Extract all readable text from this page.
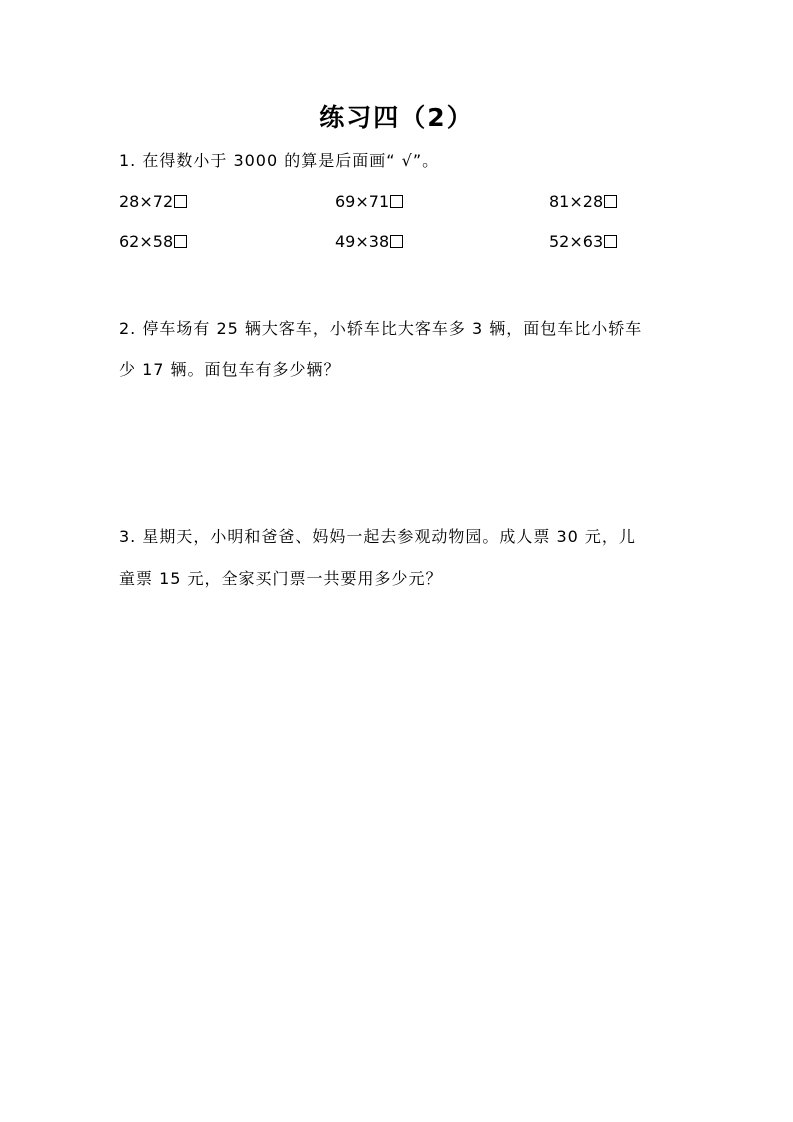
练习四（2）
1. 在得数小于 3000 的算是后面画“ √”。
28×72	69×71	81×28
62×58	49×38	52×63
2. 停车场有 25 辆大客车，小轿车比大客车多 3 辆，面包车比小轿车
少 17 辆。面包车有多少辆？
3. 星期天，小明和爸爸、妈妈一起去参观动物园。成人票 30 元，儿
童票 15 元，全家买门票一共要用多少元？
